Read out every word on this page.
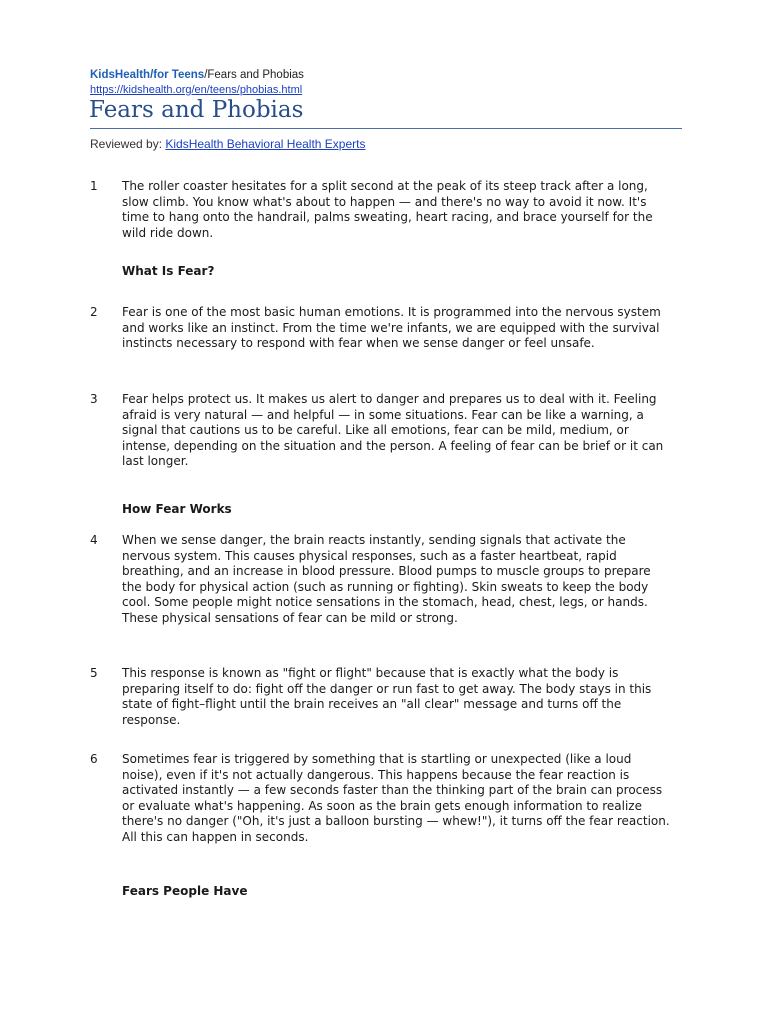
KidsHealth/for Teens/Fears and Phobias
https://kidshealth.org/en/teens/phobias.html
Fears and Phobias
Reviewed by: KidsHealth Behavioral Health Experts
1 The roller coaster hesitates for a split second at the peak of its steep track after a long, slow climb. You know what's about to happen — and there's no way to avoid it now. It's time to hang onto the handrail, palms sweating, heart racing, and brace yourself for the wild ride down.

What Is Fear?
2 Fear is one of the most basic human emotions. It is programmed into the nervous system and works like an instinct. From the time we're infants, we are equipped with the survival instincts necessary to respond with fear when we sense danger or feel unsafe.

3 Fear helps protect us. It makes us alert to danger and prepares us to deal with it. Feeling afraid is very natural — and helpful — in some situations. Fear can be like a warning, a signal that cautions us to be careful. Like all emotions, fear can be mild, medium, or intense, depending on the situation and the person. A feeling of fear can be brief or it can last longer.

How Fear Works
4 When we sense danger, the brain reacts instantly, sending signals that activate the nervous system. This causes physical responses, such as a faster heartbeat, rapid breathing, and an increase in blood pressure. Blood pumps to muscle groups to prepare the body for physical action (such as running or fighting). Skin sweats to keep the body cool. Some people might notice sensations in the stomach, head, chest, legs, or hands. These physical sensations of fear can be mild or strong.

5 This response is known as "fight or flight" because that is exactly what the body is preparing itself to do: fight off the danger or run fast to get away. The body stays in this state of fight–flight until the brain receives an "all clear" message and turns off the response.

6 Sometimes fear is triggered by something that is startling or unexpected (like a loud noise), even if it's not actually dangerous. This happens because the fear reaction is activated instantly — a few seconds faster than the thinking part of the brain can process or evaluate what's happening. As soon as the brain gets enough information to realize there's no danger ("Oh, it's just a balloon bursting — whew!"), it turns off the fear reaction. All this can happen in seconds.

Fears People Have
